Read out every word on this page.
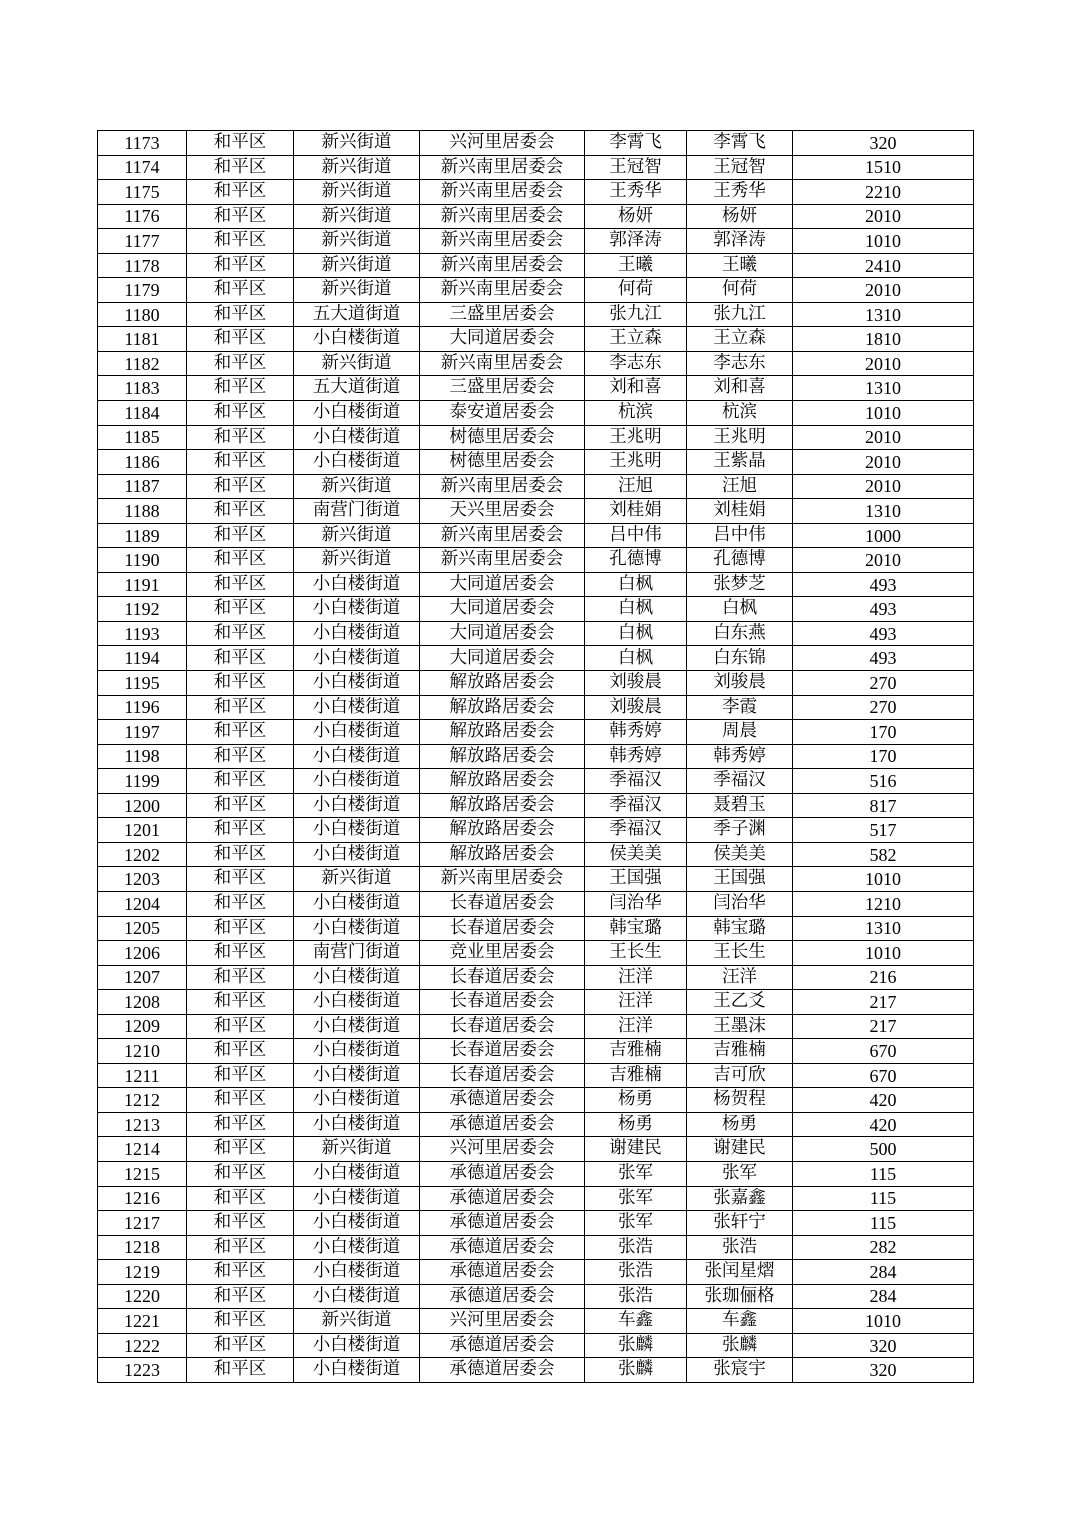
1173	和平区	新兴街道	兴河里居委会	李霄飞	李霄飞	320
1174	和平区	新兴街道	新兴南里居委会	王冠智	王冠智	1510
1175	和平区	新兴街道	新兴南里居委会	王秀华	王秀华	2210
1176	和平区	新兴街道	新兴南里居委会	杨妍	杨妍	2010
1177	和平区	新兴街道	新兴南里居委会	郭泽涛	郭泽涛	1010
1178	和平区	新兴街道	新兴南里居委会	王曦	王曦	2410
1179	和平区	新兴街道	新兴南里居委会	何荷	何荷	2010
1180	和平区	五大道街道	三盛里居委会	张九江	张九江	1310
1181	和平区	小白楼街道	大同道居委会	王立森	王立森	1810
1182	和平区	新兴街道	新兴南里居委会	李志东	李志东	2010
1183	和平区	五大道街道	三盛里居委会	刘和喜	刘和喜	1310
1184	和平区	小白楼街道	泰安道居委会	杭滨	杭滨	1010
1185	和平区	小白楼街道	树德里居委会	王兆明	王兆明	2010
1186	和平区	小白楼街道	树德里居委会	王兆明	王紫晶	2010
1187	和平区	新兴街道	新兴南里居委会	汪旭	汪旭	2010
1188	和平区	南营门街道	天兴里居委会	刘桂娟	刘桂娟	1310
1189	和平区	新兴街道	新兴南里居委会	吕中伟	吕中伟	1000
1190	和平区	新兴街道	新兴南里居委会	孔德博	孔德博	2010
1191	和平区	小白楼街道	大同道居委会	白枫	张梦芝	493
1192	和平区	小白楼街道	大同道居委会	白枫	白枫	493
1193	和平区	小白楼街道	大同道居委会	白枫	白东燕	493
1194	和平区	小白楼街道	大同道居委会	白枫	白东锦	493
1195	和平区	小白楼街道	解放路居委会	刘骏晨	刘骏晨	270
1196	和平区	小白楼街道	解放路居委会	刘骏晨	李霞	270
1197	和平区	小白楼街道	解放路居委会	韩秀婷	周晨	170
1198	和平区	小白楼街道	解放路居委会	韩秀婷	韩秀婷	170
1199	和平区	小白楼街道	解放路居委会	季福汉	季福汉	516
1200	和平区	小白楼街道	解放路居委会	季福汉	聂碧玉	817
1201	和平区	小白楼街道	解放路居委会	季福汉	季子渊	517
1202	和平区	小白楼街道	解放路居委会	侯美美	侯美美	582
1203	和平区	新兴街道	新兴南里居委会	王国强	王国强	1010
1204	和平区	小白楼街道	长春道居委会	闫治华	闫治华	1210
1205	和平区	小白楼街道	长春道居委会	韩宝璐	韩宝璐	1310
1206	和平区	南营门街道	竞业里居委会	王长生	王长生	1010
1207	和平区	小白楼街道	长春道居委会	汪洋	汪洋	216
1208	和平区	小白楼街道	长春道居委会	汪洋	王乙爻	217
1209	和平区	小白楼街道	长春道居委会	汪洋	王墨沫	217
1210	和平区	小白楼街道	长春道居委会	吉雅楠	吉雅楠	670
1211	和平区	小白楼街道	长春道居委会	吉雅楠	吉可欣	670
1212	和平区	小白楼街道	承德道居委会	杨勇	杨贺程	420
1213	和平区	小白楼街道	承德道居委会	杨勇	杨勇	420
1214	和平区	新兴街道	兴河里居委会	谢建民	谢建民	500
1215	和平区	小白楼街道	承德道居委会	张军	张军	115
1216	和平区	小白楼街道	承德道居委会	张军	张嘉鑫	115
1217	和平区	小白楼街道	承德道居委会	张军	张轩宁	115
1218	和平区	小白楼街道	承德道居委会	张浩	张浩	282
1219	和平区	小白楼街道	承德道居委会	张浩	张闰星熠	284
1220	和平区	小白楼街道	承德道居委会	张浩	张珈俪格	284
1221	和平区	新兴街道	兴河里居委会	车鑫	车鑫	1010
1222	和平区	小白楼街道	承德道居委会	张麟	张麟	320
1223	和平区	小白楼街道	承德道居委会	张麟	张宸宇	320
